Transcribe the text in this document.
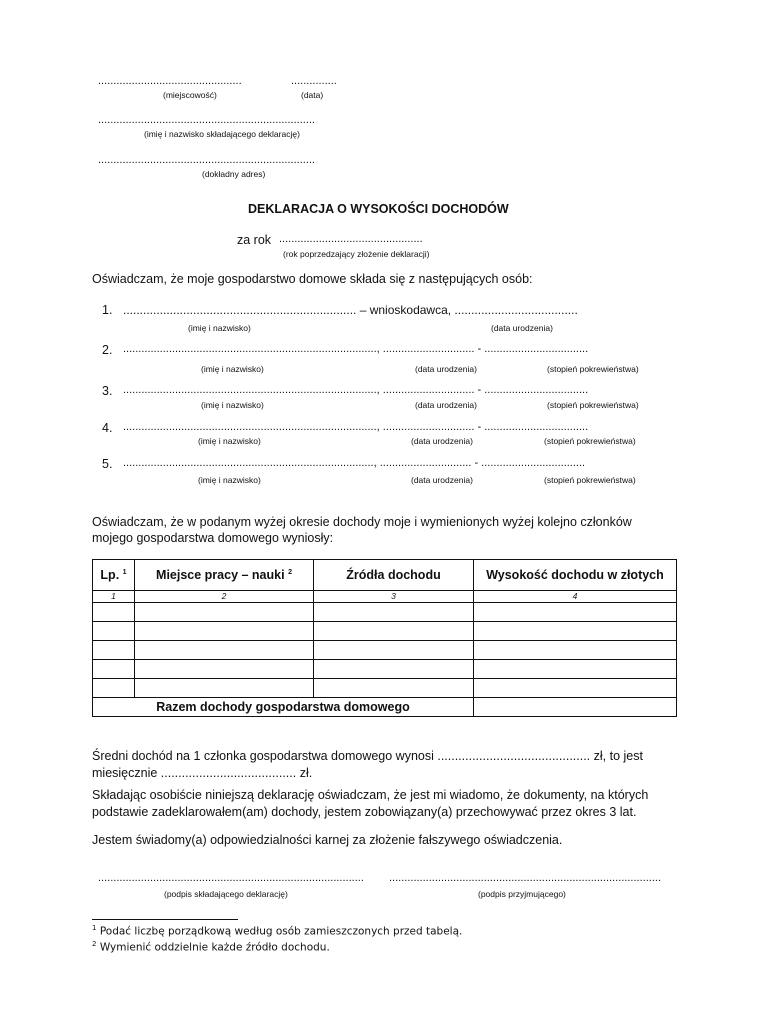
...............................................	...............
(miejscowość)	(data)
.......................................................................
(imię i nazwisko składającego deklarację)
.......................................................................
(dokładny adres)
DEKLARACJA O WYSOKOŚCI DOCHODÓW
za rok ...............................................
(rok poprzedzający złożenie deklaracji)
Oświadczam, że moje gospodarstwo domowe składa się z następujących osób:
1. ...................................................................... – wnioskodawca, .....................................
(imię i nazwisko)	(data urodzenia)
2. ..................................................................................., .............................. - ..................................
(imię i nazwisko)	(data urodzenia)	(stopień pokrewieństwa)
3. ..................................................................................., .............................. - ..................................
(imię i nazwisko)	(data urodzenia)	(stopień pokrewieństwa)
4. ..................................................................................., .............................. - ..................................
(imię i nazwisko)	(data urodzenia)	(stopień pokrewieństwa)
5. .................................................................................., .............................. - ..................................
(imię i nazwisko)	(data urodzenia)	(stopień pokrewieństwa)
Oświadczam, że w podanym wyżej okresie dochody moje i wymienionych wyżej kolejno członków
mojego gospodarstwa domowego wyniosły:
Lp. $^1$	Miejsce pracy – nauki $^2$	Źródła dochodu	Wysokość dochodu w złotych
1	2	3	4

Razem dochody gospodarstwa domowego			
Średni dochód na 1 członka gospodarstwa domowego wynosi ............................................ zł, to jest
miesięcznie ....................................... zł.
Składając osobiście niniejszą deklarację oświadczam, że jest mi wiadomo, że dokumenty, na których
podstawie zadeklarowałem(am) dochody, jestem zobowiązany(a) przechowywać przez okres 3 lat.
Jestem świadomy(a) odpowiedzialności karnej za złożenie fałszywego oświadczenia.
.......................................................................................
(podpis składającego deklarację)
.........................................................................................
(podpis przyjmującego)
$^1$ Podać liczbę porządkową według osób zamieszczonych przed tabelą.
$^2$ Wymienić oddzielnie każde źródło dochodu.
